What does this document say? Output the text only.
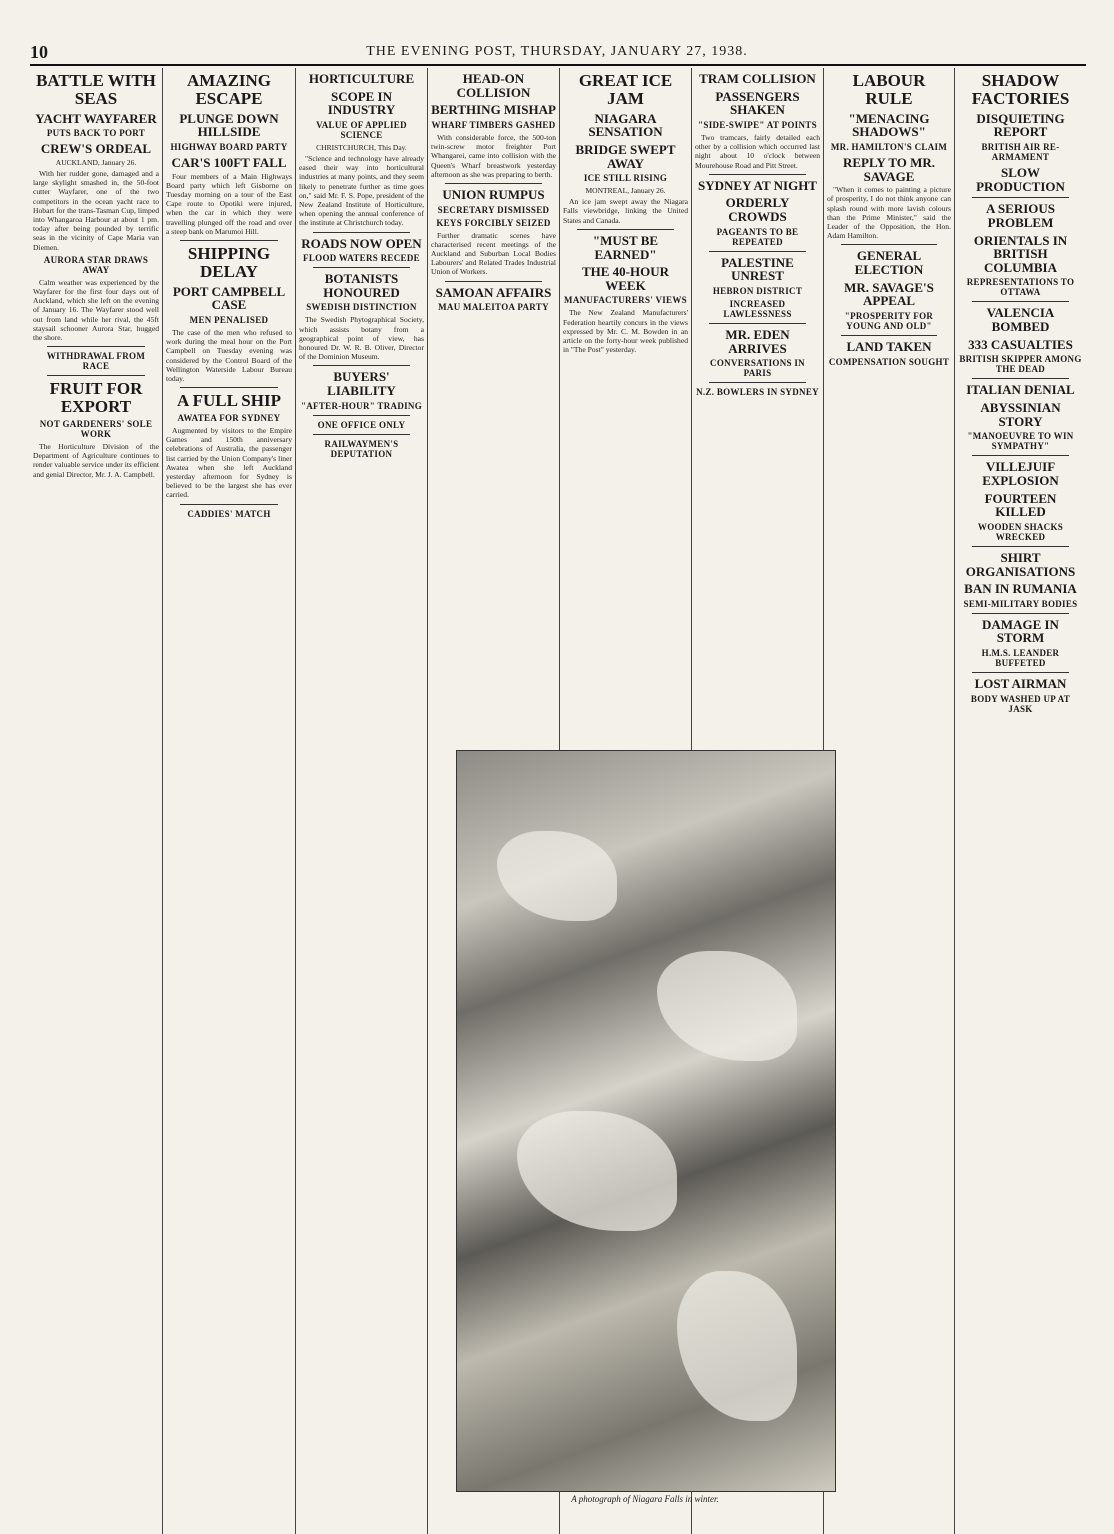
10	THE EVENING POST, THURSDAY, JANUARY 27, 1938.
BATTLE WITH SEAS
YACHT WAYFARER
PUTS BACK TO PORT
CREW'S ORDEAL
AUCKLAND, January 26.

With her rudder gone, damaged and a large skylight smashed in, the 50-foot cutter Wayfarer, one of the two competitors in the ocean yacht race to Hobart for the trans-Tasman Cup, limped into Whangaroa Harbour at about 1 pm. today after being pounded by terrific seas in the vicinity of Cape Maria van Diemen.

AURORA STAR DRAWS AWAY

Calm weather was experienced by the Wayfarer for the first four days out of Auckland, which she left on the evening of January 16. The Wayfarer stood well out from land while her rival, the 45ft staysail schooner Aurora Star, hugged the shore.

WITHDRAWAL FROM RACE
FRUIT FOR EXPORT
NOT GARDENERS' SOLE WORK

The Horticulture Division of the Department of Agriculture continues to render valuable service under its efficient and genial Director, Mr. J. A. Campbell.

AMAZING ESCAPE
PLUNGE DOWN HILLSIDE
HIGHWAY BOARD PARTY
CAR'S 100FT FALL

Four members of a Main Highways Board party which left Gisborne on Tuesday morning on a tour of the East Cape route to Opotiki were injured, when the car in which they were travelling plunged off the road and over a steep bank on Marumoi Hill.

SHIPPING DELAY
PORT CAMPBELL CASE
MEN PENALISED

The case of the men who refused to work during the meal hour on the Port Campbell on Tuesday evening was considered by the Control Board of the Wellington Waterside Labour Bureau today.

A FULL SHIP
AWATEA FOR SYDNEY

Augmented by visitors to the Empire Games and 150th anniversary celebrations of Australia, the passenger list carried by the Union Company's liner Awatea when she left Auckland yesterday afternoon for Sydney is believed to be the largest she has ever carried.

CADDIES' MATCH
HORTICULTURE
SCOPE IN INDUSTRY
VALUE OF APPLIED SCIENCE
CHRISTCHURCH, This Day.

"Science and technology have already eased their way into horticultural industries at many points, and they seem likely to penetrate further as time goes on," said Mr. F. S. Pope, president of the New Zealand Institute of Horticulture, when opening the annual conference of the institute at Christchurch today.

ROADS NOW OPEN
FLOOD WATERS RECEDE
BOTANISTS HONOURED
SWEDISH DISTINCTION

The Swedish Phytographical Society, which assists botany from a geographical point of view, has honoured Dr. W. R. B. Oliver, Director of the Dominion Museum.

BUYERS' LIABILITY
"AFTER-HOUR" TRADING
ONE OFFICE ONLY
RAILWAYMEN'S DEPUTATION
HEAD-ON COLLISION
BERTHING MISHAP
WHARF TIMBERS GASHED

With considerable force, the 500-ton twin-screw motor freighter Port Whangarei, came into collision with the Queen's Wharf breastwork yesterday afternoon as she was preparing to berth.

UNION RUMPUS
SECRETARY DISMISSED
KEYS FORCIBLY SEIZED

Further dramatic scenes have characterised recent meetings of the Auckland and Suburban Local Bodies Labourers' and Related Trades Industrial Union of Workers.

SAMOAN AFFAIRS
MAU MALEITOA PARTY
GREAT ICE JAM
NIAGARA SENSATION
BRIDGE SWEPT AWAY
ICE STILL RISING
MONTREAL, January 26.

An ice jam swept away the Niagara Falls viewbridge, linking the United States and Canada.

"MUST BE EARNED"
THE 40-HOUR WEEK
MANUFACTURERS' VIEWS

The New Zealand Manufacturers' Federation heartily concurs in the views expressed by Mr. C. M. Bowden in an article on the forty-hour week published in "The Post" yesterday.

TRAM COLLISION
PASSENGERS SHAKEN
"SIDE-SWIPE" AT POINTS

Two tramcars, fairly detailed each other by a collision which occurred last night about 10 o'clock between Mourehouse Road and Pitt Street.

SYDNEY AT NIGHT
ORDERLY CROWDS
PAGEANTS TO BE REPEATED
PALESTINE UNREST
HEBRON DISTRICT
INCREASED LAWLESSNESS
MR. EDEN ARRIVES
CONVERSATIONS IN PARIS
N.Z. BOWLERS IN SYDNEY
LABOUR RULE
"MENACING SHADOWS"
MR. HAMILTON'S CLAIM
REPLY TO MR. SAVAGE

"When it comes to painting a picture of prosperity, I do not think anyone can splash round with more lavish colours than the Prime Minister," said the Leader of the Opposition, the Hon. Adam Hamilton.

GENERAL ELECTION
MR. SAVAGE'S APPEAL
"PROSPERITY FOR YOUNG AND OLD"
LAND TAKEN
COMPENSATION SOUGHT
SHADOW FACTORIES
DISQUIETING REPORT
BRITISH AIR RE-ARMAMENT
SLOW PRODUCTION
A SERIOUS PROBLEM
ORIENTALS IN BRITISH COLUMBIA
REPRESENTATIONS TO OTTAWA
VALENCIA BOMBED
333 CASUALTIES
BRITISH SKIPPER AMONG THE DEAD
ITALIAN DENIAL
ABYSSINIAN STORY
"MANOEUVRE TO WIN SYMPATHY"
VILLEJUIF EXPLOSION
FOURTEEN KILLED
WOODEN SHACKS WRECKED
SHIRT ORGANISATIONS
BAN IN RUMANIA
SEMI-MILITARY BODIES
DAMAGE IN STORM
H.M.S. LEANDER BUFFETED
LOST AIRMAN
BODY WASHED UP AT JASK
A photograph of Niagara Falls in winter.
